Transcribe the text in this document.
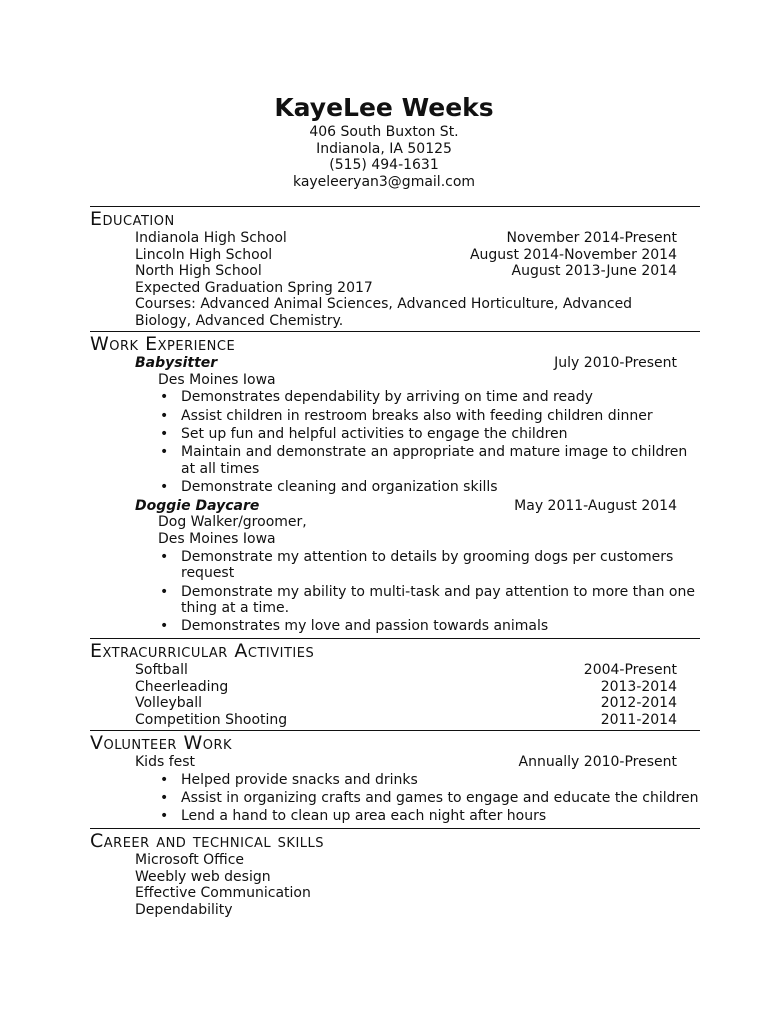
KayeLee Weeks
406 South Buxton St.
Indianola, IA 50125
(515) 494-1631
kayeleeryan3@gmail.com
Education
Indianola High School	November 2014-Present
Lincoln High School	August 2014-November 2014
North High School	August 2013-June 2014
Expected Graduation Spring 2017
Courses: Advanced Animal Sciences, Advanced Horticulture, Advanced Biology, Advanced Chemistry.
Work Experience
Babysitter	July 2010-Present
Des Moines Iowa
• Demonstrates dependability by arriving on time and ready
• Assist children in restroom breaks also with feeding children dinner
• Set up fun and helpful activities to engage the children
• Maintain and demonstrate an appropriate and mature image to children at all times
• Demonstrate cleaning and organization skills
Doggie Daycare	May 2011-August 2014
Dog Walker/groomer,
Des Moines Iowa
• Demonstrate my attention to details by grooming dogs per customers request
• Demonstrate my ability to multi-task and pay attention to more than one thing at a time.
• Demonstrates my love and passion towards animals
Extracurricular Activities
Softball	2004-Present
Cheerleading	2013-2014
Volleyball	2012-2014
Competition Shooting	2011-2014
Volunteer Work
Kids fest	Annually 2010-Present
• Helped provide snacks and drinks
• Assist in organizing crafts and games to engage and educate the children
• Lend a hand to clean up area each night after hours
Career and technical skills
Microsoft Office
Weebly web design
Effective Communication
Dependability
